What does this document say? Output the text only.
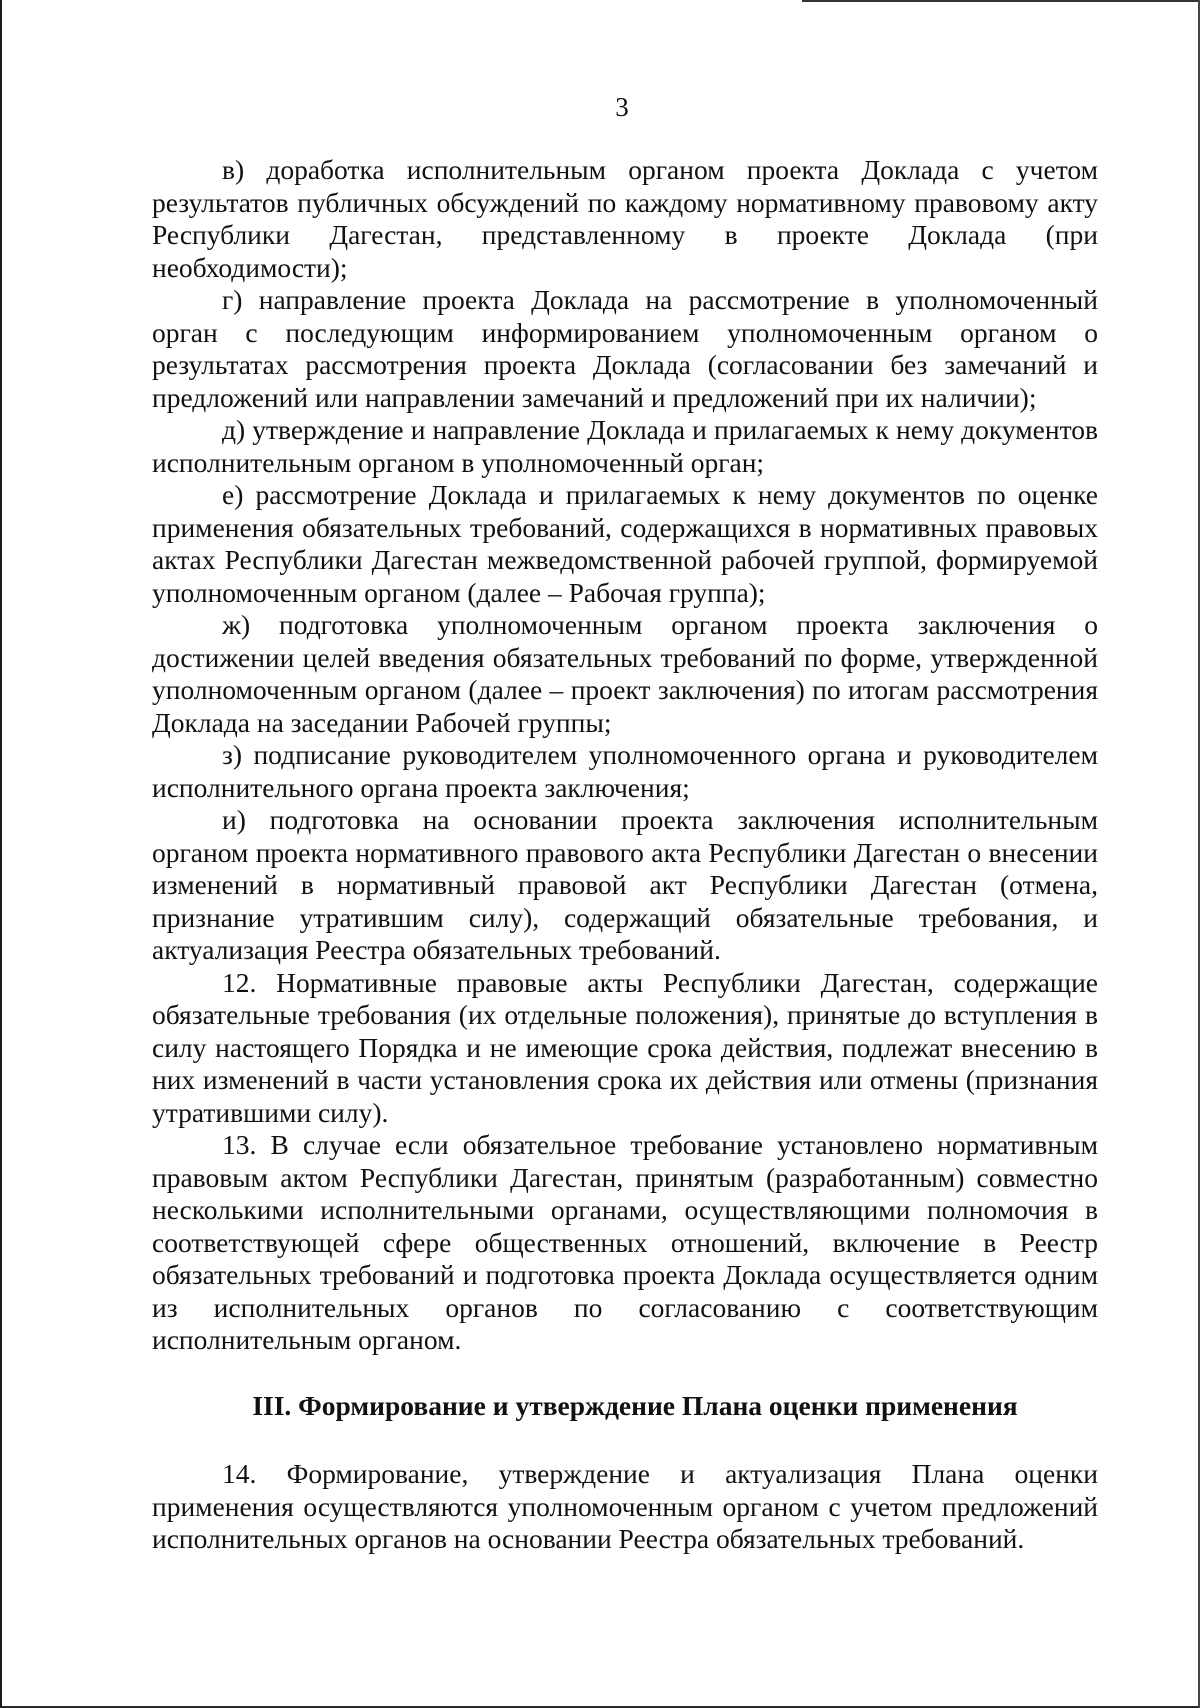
3

в) доработка исполнительным органом проекта Доклада с учетом результатов публичных обсуждений по каждому нормативному правовому акту Республики Дагестан, представленному в проекте Доклада (при необходимости);

г) направление проекта Доклада на рассмотрение в уполномоченный орган с последующим информированием уполномоченным органом о результатах рассмотрения проекта Доклада (согласовании без замечаний и предложений или направлении замечаний и предложений при их наличии);

д) утверждение и направление Доклада и прилагаемых к нему документов исполнительным органом в уполномоченный орган;

е) рассмотрение Доклада и прилагаемых к нему документов по оценке применения обязательных требований, содержащихся в нормативных правовых актах Республики Дагестан межведомственной рабочей группой, формируемой уполномоченным органом (далее – Рабочая группа);

ж) подготовка уполномоченным органом проекта заключения о достижении целей введения обязательных требований по форме, утвержденной уполномоченным органом (далее – проект заключения) по итогам рассмотрения Доклада на заседании Рабочей группы;

з) подписание руководителем уполномоченного органа и руководителем исполнительного органа проекта заключения;

и) подготовка на основании проекта заключения исполнительным органом проекта нормативного правового акта Республики Дагестан о внесении изменений в нормативный правовой акт Республики Дагестан (отмена, признание утратившим силу), содержащий обязательные требования, и актуализация Реестра обязательных требований.

12. Нормативные правовые акты Республики Дагестан, содержащие обязательные требования (их отдельные положения), принятые до вступления в силу настоящего Порядка и не имеющие срока действия, подлежат внесению в них изменений в части установления срока их действия или отмены (признания утратившими силу).

13. В случае если обязательное требование установлено нормативным правовым актом Республики Дагестан, принятым (разработанным) совместно несколькими исполнительными органами, осуществляющими полномочия в соответствующей сфере общественных отношений, включение в Реестр обязательных требований и подготовка проекта Доклада осуществляется одним из исполнительных органов по согласованию с соответствующим исполнительным органом.

III. Формирование и утверждение Плана оценки применения

14. Формирование, утверждение и актуализация Плана оценки применения осуществляются уполномоченным органом с учетом предложений исполнительных органов на основании Реестра обязательных требований.
